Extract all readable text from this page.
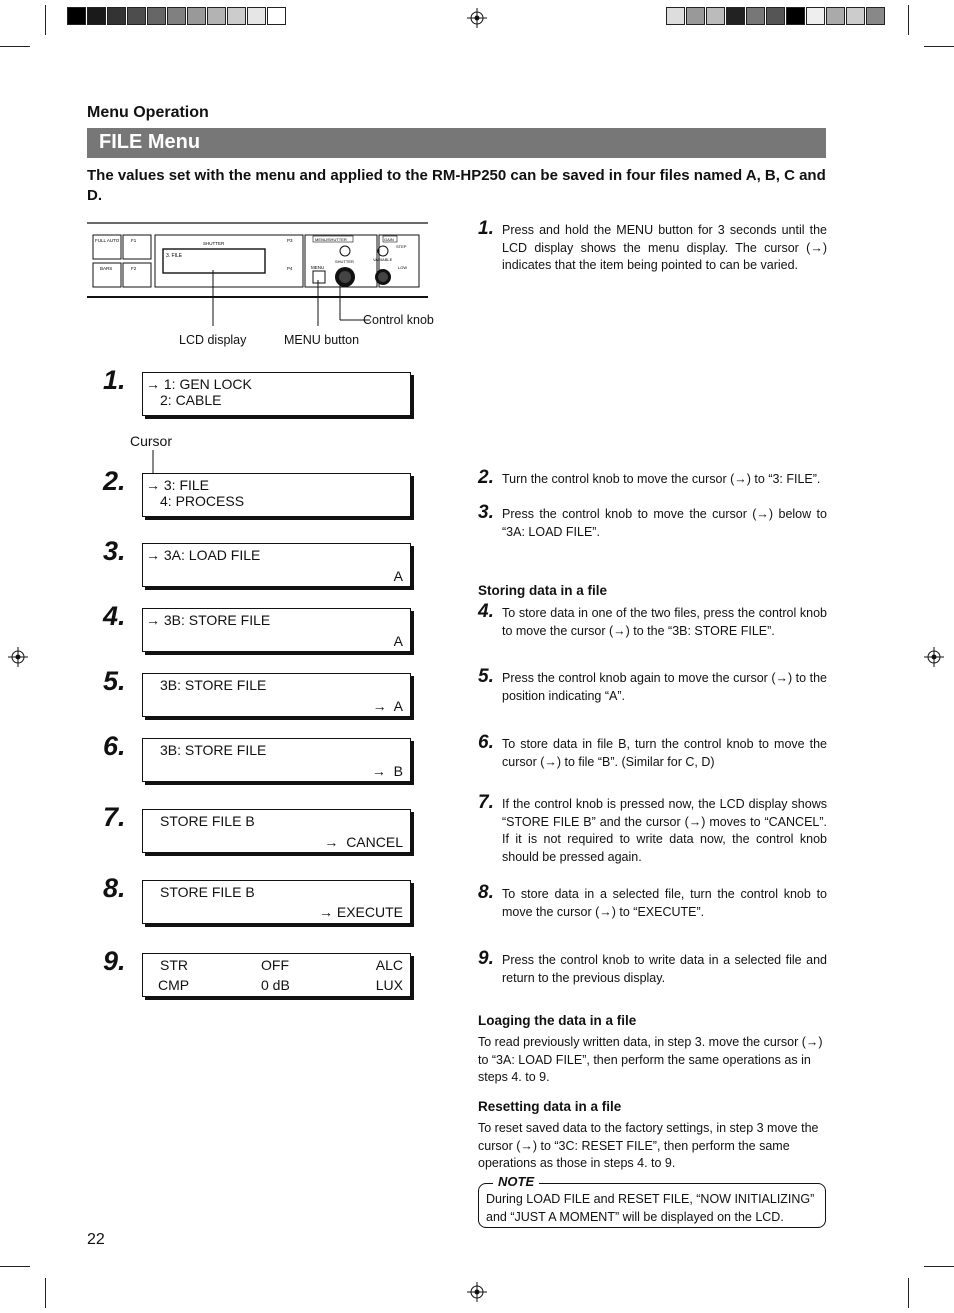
Menu Operation
FILE Menu
The values set with the menu and applied to the RM-HP250 can be saved in four files named A, B, C and D.
FULL AUTO	F1
BARS	F2
SHUTTER
3. FILE
P3
P4
MENU/SHUTTER
SHUTTER
MENU
GAIN
STEP
VARIABLE
LOW
LCD display	MENU button
Control knob
1. → 1: GEN LOCK
2: CABLE
Cursor
2. → 3: FILE
4: PROCESS
3. → 3A: LOAD FILE
A
4. → 3B: STORE FILE
A
5. 3B: STORE FILE
→  A
6. 3B: STORE FILE
→  B
7. STORE FILE B
→  CANCEL
8. STORE FILE B
→ EXECUTE
9. STR	OFF	ALC
CMP	0 dB	LUX
1. Press and hold the MENU button for 3 seconds until the LCD display shows the menu display. The cursor (→) indicates that the item being pointed to can be varied.
2. Turn the control knob to move the cursor (→) to “3: FILE”.
3. Press the control knob to move the cursor (→) below to “3A: LOAD FILE”.
Storing data in a file
4. To store data in one of the two files, press the control knob to move the cursor (→) to the “3B: STORE FILE”.
5. Press the control knob again to move the cursor (→) to the position indicating “A”.
6. To store data in file B, turn the control knob to move the cursor (→) to file “B”. (Similar for C, D)
7. If the control knob is pressed now, the LCD display shows “STORE FILE B” and the cursor (→) moves to “CANCEL”. If it is not required to write data now, the control knob should be pressed again.
8. To store data in a selected file, turn the control knob to move the cursor (→) to “EXECUTE”.
9. Press the control knob to write data in a selected file and return to the previous display.
Loaging the data in a file
To read previously written data, in step 3. move the cursor (→) to “3A: LOAD FILE”, then perform the same operations as in steps 4. to 9.
Resetting data in a file
To reset saved data to the factory settings, in step 3 move the cursor (→) to “3C: RESET FILE”, then perform the same operations as those in steps 4. to 9.
NOTE
During LOAD FILE and RESET FILE, “NOW INITIALIZING” and “JUST A MOMENT” will be displayed on the LCD.
22
